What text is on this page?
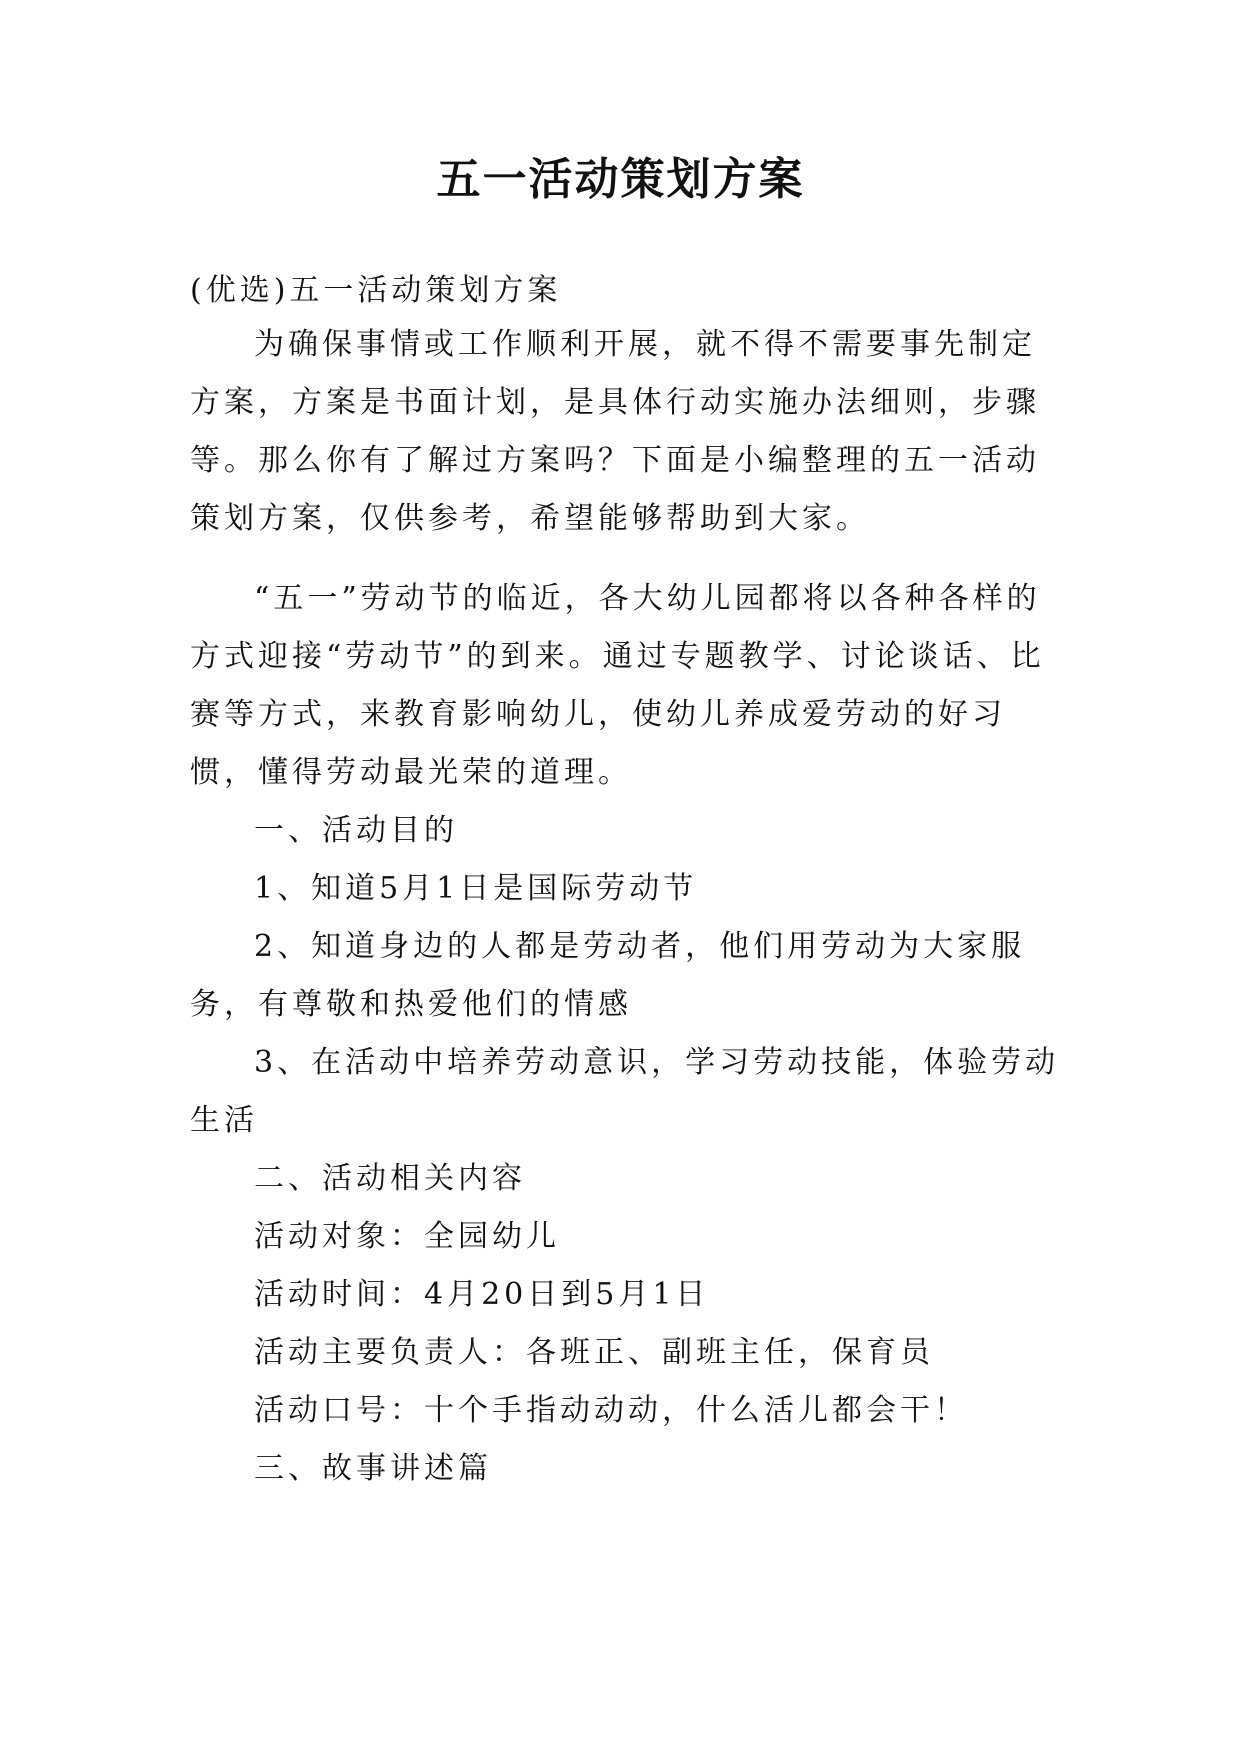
五一活动策划方案

(优选)五一活动策划方案

为确保事情或工作顺利开展，就不得不需要事先制定方案，方案是书面计划，是具体行动实施办法细则，步骤等。那么你有了解过方案吗？下面是小编整理的五一活动策划方案，仅供参考，希望能够帮助到大家。

“五一”劳动节的临近，各大幼儿园都将以各种各样的方式迎接“劳动节”的到来。通过专题教学、讨论谈话、比赛等方式，来教育影响幼儿，使幼儿养成爱劳动的好习惯，懂得劳动最光荣的道理。

一、活动目的

1、知道5月1日是国际劳动节

2、知道身边的人都是劳动者，他们用劳动为大家服务，有尊敬和热爱他们的情感

3、在活动中培养劳动意识，学习劳动技能，体验劳动生活

二、活动相关内容

活动对象：全园幼儿

活动时间：4月20日到5月1日

活动主要负责人：各班正、副班主任，保育员

活动口号：十个手指动动动，什么活儿都会干！

三、故事讲述篇
